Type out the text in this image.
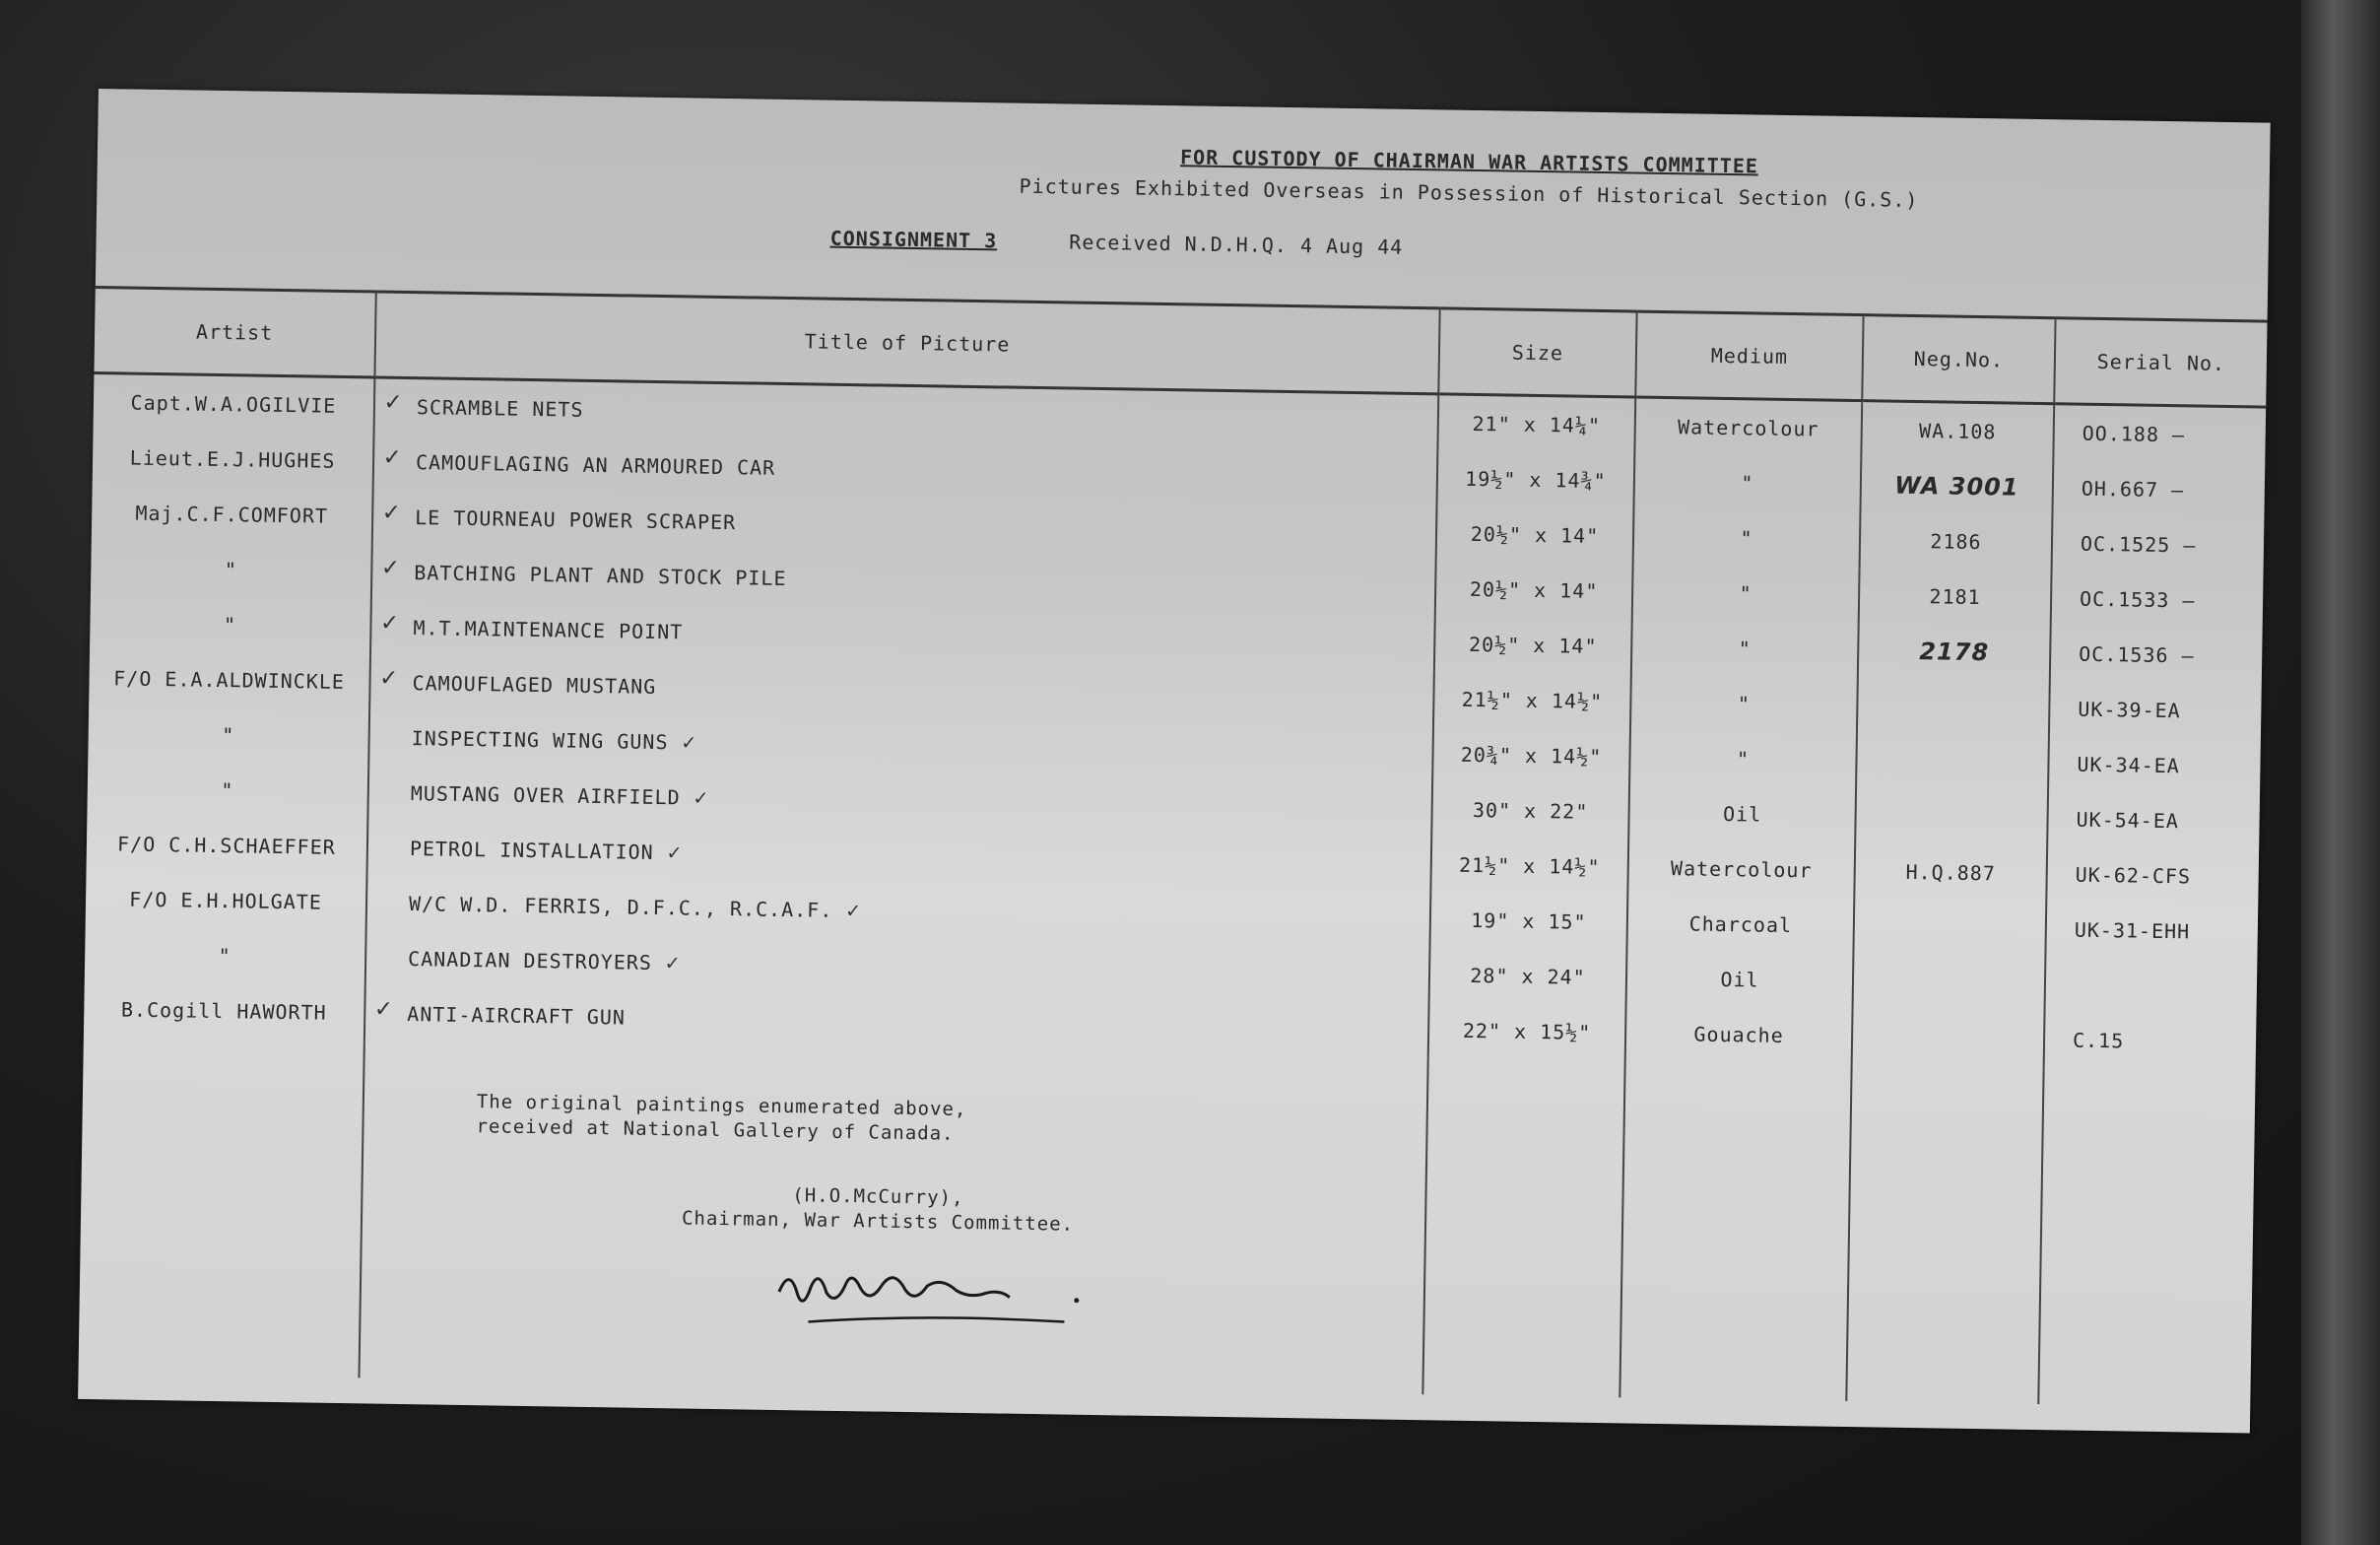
FOR CUSTODY OF CHAIRMAN WAR ARTISTS COMMITTEE
Pictures Exhibited Overseas in Possession of Historical Section (G.S.)
CONSIGNMENT 3	Received N.D.H.Q. 4 Aug 44
Artist	Title of Picture	Size	Medium	Neg.No.	Serial No.
Capt.W.A.OGILVIE	✓ SCRAMBLE NETS	21" x 14¼"	Watercolour	WA.108	OO.188 –
Lieut.E.J.HUGHES	✓ CAMOUFLAGING AN ARMOURED CAR	19½" x 14¾"	"	WA 3001	OH.667 –
Maj.C.F.COMFORT	✓ LE TOURNEAU POWER SCRAPER	20½" x 14"	"	2186	OC.1525 –
"	✓ BATCHING PLANT AND STOCK PILE	20½" x 14"	"	2181	OC.1533 –
"	✓ M.T.MAINTENANCE POINT	20½" x 14"	"	2178	OC.1536 –
F/O E.A.ALDWINCKLE	✓ CAMOUFLAGED MUSTANG	21½" x 14½"	"		UK-39-EA
"	INSPECTING WING GUNS ✓	20¾" x 14½"	"		UK-34-EA
"	MUSTANG OVER AIRFIELD ✓	30" x 22"	Oil		UK-54-EA
F/O C.H.SCHAEFFER	PETROL INSTALLATION ✓	21½" x 14½"	Watercolour	H.Q.887	UK-62-CFS
F/O E.H.HOLGATE	W/C W.D. FERRIS, D.F.C., R.C.A.F. ✓	19" x 15"	Charcoal		UK-31-EHH
"	CANADIAN DESTROYERS ✓	28" x 24"	Oil		
B.Cogill HAWORTH	✓ ANTI-AIRCRAFT GUN	22" x 15½"	Gouache		C.15

The original paintings enumerated above,
received at National Gallery of Canada.
(H.O.McCurry),
Chairman, War Artists Committee.
